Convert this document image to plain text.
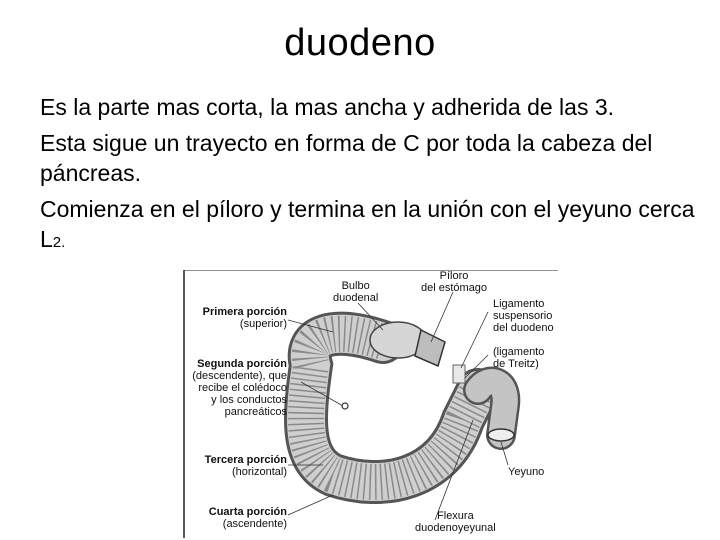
duodeno

Es la parte mas corta, la mas ancha y adherida de las 3.

Esta sigue un trayecto en forma de C por toda la cabeza del páncreas.

Comienza en el píloro y termina en la unión con el yeyuno cerca L2.

Bulbo
duodenal
Píloro
del estómago
Ligamento
suspensorio
del duodeno
(ligamento
de Treitz)
Primera porción
(superior)
Segunda porción
(descendente), que
recibe el colédoco
y los conductos
pancreáticos
Tercera porción
(horizontal)
Cuarta porción
(ascendente)
Yeyuno
Flexura
duodenoyeyunal
